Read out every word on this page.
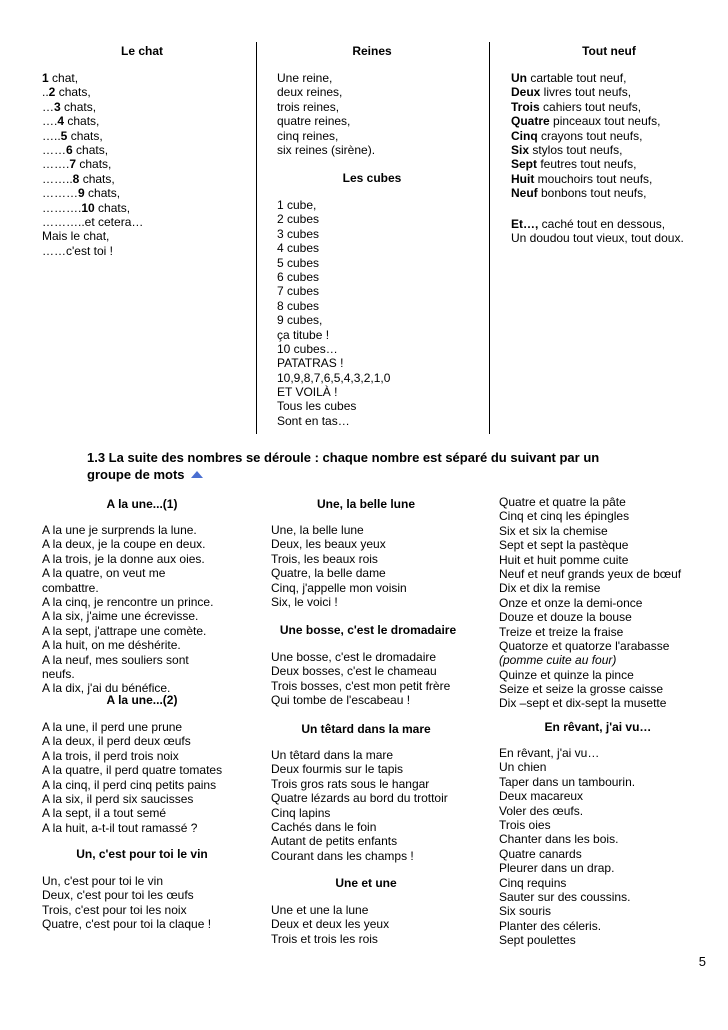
Le chat
1 chat,
..2 chats,
…3 chats,
….4 chats,
…..5 chats,
……6 chats,
…….7 chats,
……..8 chats,
………9 chats,
……….10 chats,
………..et cetera…
Mais le chat,
……c'est toi !
Reines
Une reine,
deux reines,
trois reines,
quatre reines,
cinq reines,
six reines (sirène).
Les cubes
1 cube,
2 cubes
3 cubes
4 cubes
5 cubes
6 cubes
7 cubes
8 cubes
9 cubes,
ça titube !
10 cubes…
PATATRAS !
10,9,8,7,6,5,4,3,2,1,0
ET VOILÀ !
Tous les cubes
Sont en tas…
Tout neuf
Un cartable tout neuf,
Deux livres tout neufs,
Trois cahiers tout neufs,
Quatre pinceaux tout neufs,
Cinq crayons tout neufs,
Six stylos tout neufs,
Sept feutres tout neufs,
Huit mouchoirs tout neufs,
Neuf bonbons tout neufs,
Et…, caché tout en dessous,
Un doudou tout vieux, tout doux.
1.3 La suite des nombres se déroule : chaque nombre est séparé du suivant par un
groupe de mots
A la une...(1)
A la une je surprends la lune.
A la deux, je la coupe en deux.
A la trois, je la donne aux oies.
A la quatre, on veut me
combattre.
A la cinq, je rencontre un prince.
A la six, j'aime une écrevisse.
A la sept, j'attrape une comète.
A la huit, on me déshérite.
A la neuf, mes souliers sont
neufs.
A la dix, j'ai du bénéfice.
A la une...(2)
A la une, il perd une prune
A la deux, il perd deux œufs
A la trois, il perd trois noix
A la quatre, il perd quatre tomates
A la cinq, il perd cinq petits pains
A la six, il perd six saucisses
A la sept, il a tout semé
A la huit, a-t-il tout ramassé ?
Un, c'est pour toi le vin
Un, c'est pour toi le vin
Deux, c'est pour toi les œufs
Trois, c'est pour toi les noix
Quatre, c'est pour toi la claque !
Une, la belle lune
Une, la belle lune
Deux, les beaux yeux
Trois, les beaux rois
Quatre, la belle dame
Cinq, j'appelle mon voisin
Six, le voici !
Une bosse, c'est le dromadaire
Une bosse, c'est le dromadaire
Deux bosses, c'est le chameau
Trois bosses, c'est mon petit frère
Qui tombe de l'escabeau !
Un têtard dans la mare
Un têtard dans la mare
Deux fourmis sur le tapis
Trois gros rats sous le hangar
Quatre lézards au bord du trottoir
Cinq lapins
Cachés dans le foin
Autant de petits enfants
Courant dans les champs !
Une et une
Une et une la lune
Deux et deux les yeux
Trois et trois les rois
Quatre et quatre la pâte
Cinq et cinq les épingles
Six et six la chemise
Sept et sept la pastèque
Huit et huit pomme cuite
Neuf et neuf grands yeux de bœuf
Dix et dix la remise
Onze et onze la demi-once
Douze et douze la bouse
Treize et treize la fraise
Quatorze et quatorze l'arabasse
(pomme cuite au four)
Quinze et quinze la pince
Seize et seize la grosse caisse
Dix –sept et dix-sept la musette
En rêvant, j'ai vu…
En rêvant, j'ai vu…
Un chien
Taper dans un tambourin.
Deux macareux
Voler des œufs.
Trois oies
Chanter dans les bois.
Quatre canards
Pleurer dans un drap.
Cinq requins
Sauter sur des coussins.
Six souris
Planter des céleris.
Sept poulettes
5
